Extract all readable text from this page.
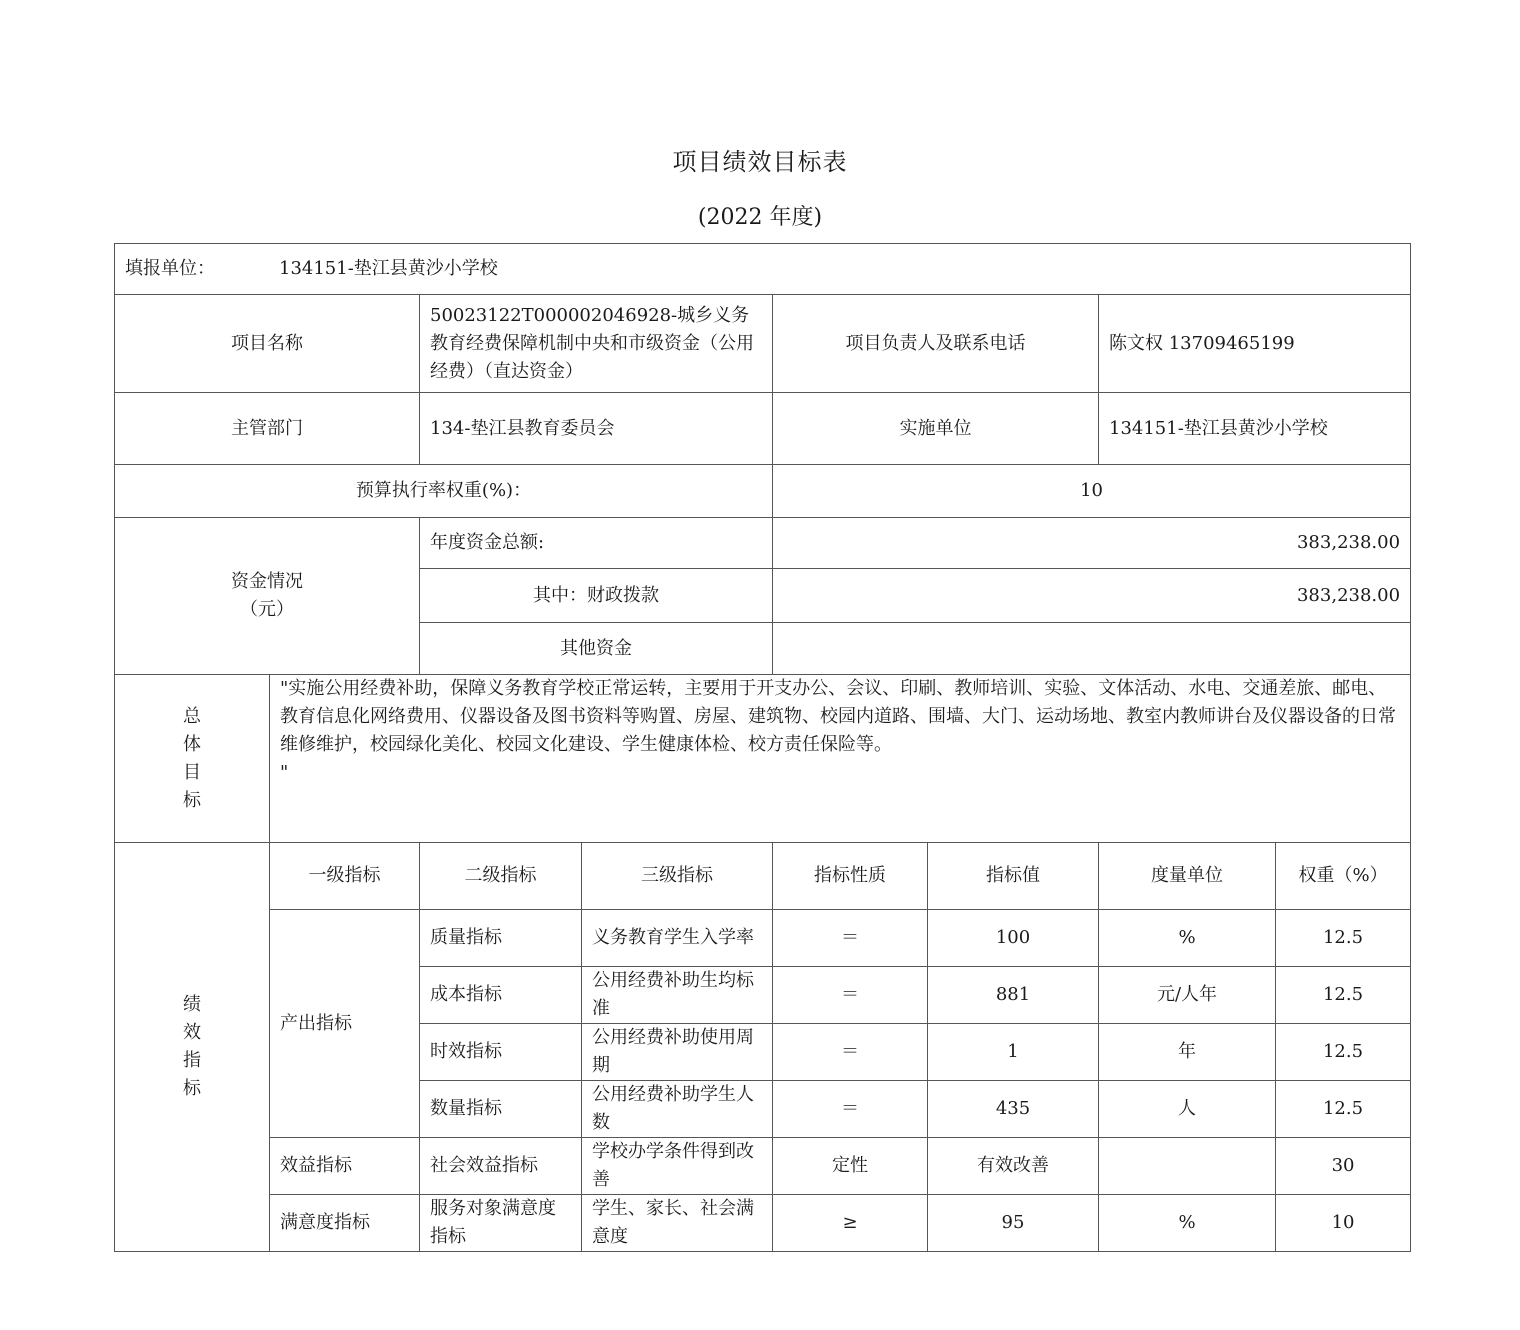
项目绩效目标表
(2022 年度)
填报单位： 134151-垫江县黄沙小学校							
项目名称		50023122T000002046928-城乡义务教育经费保障机制中央和市级资金（公用经费）（直达资金）		项目负责人及联系电话		陈文权 13709465199	
主管部门		134-垫江县教育委员会		实施单位		134151-垫江县黄沙小学校	
预算执行率权重(%)：				10			
资金情况
（元）		年度资金总额:		383,238.00			
		其中：财政拨款		383,238.00			
		其他资金					

总
体
目
标	"实施公用经费补助，保障义务教育学校正常运转，主要用于开支办公、会议、印刷、教师培训、实验、文体活动、水电、交通差旅、邮电、教育信息化网络费用、仪器设备及图书资料等购置、房屋、建筑物、校园内道路、围墙、大门、运动场地、教室内教师讲台及仪器设备的日常维修维护，校园绿化美化、校园文化建设、学生健康体检、校方责任保险等。
"						

绩
效
指
标	一级指标	二级指标	三级指标	指标性质	指标值	度量单位	权重（%）
	产出指标	质量指标	义务教育学生入学率	＝	100	%	12.5
		成本指标	公用经费补助生均标准	＝	881	元/人年	12.5
		时效指标	公用经费补助使用周期	＝	1	年	12.5
		数量指标	公用经费补助学生人数	＝	435	人	12.5
	效益指标	社会效益指标	学校办学条件得到改善	定性	有效改善		30
	满意度指标	服务对象满意度指标	学生、家长、社会满意度	≥	95	%	10
